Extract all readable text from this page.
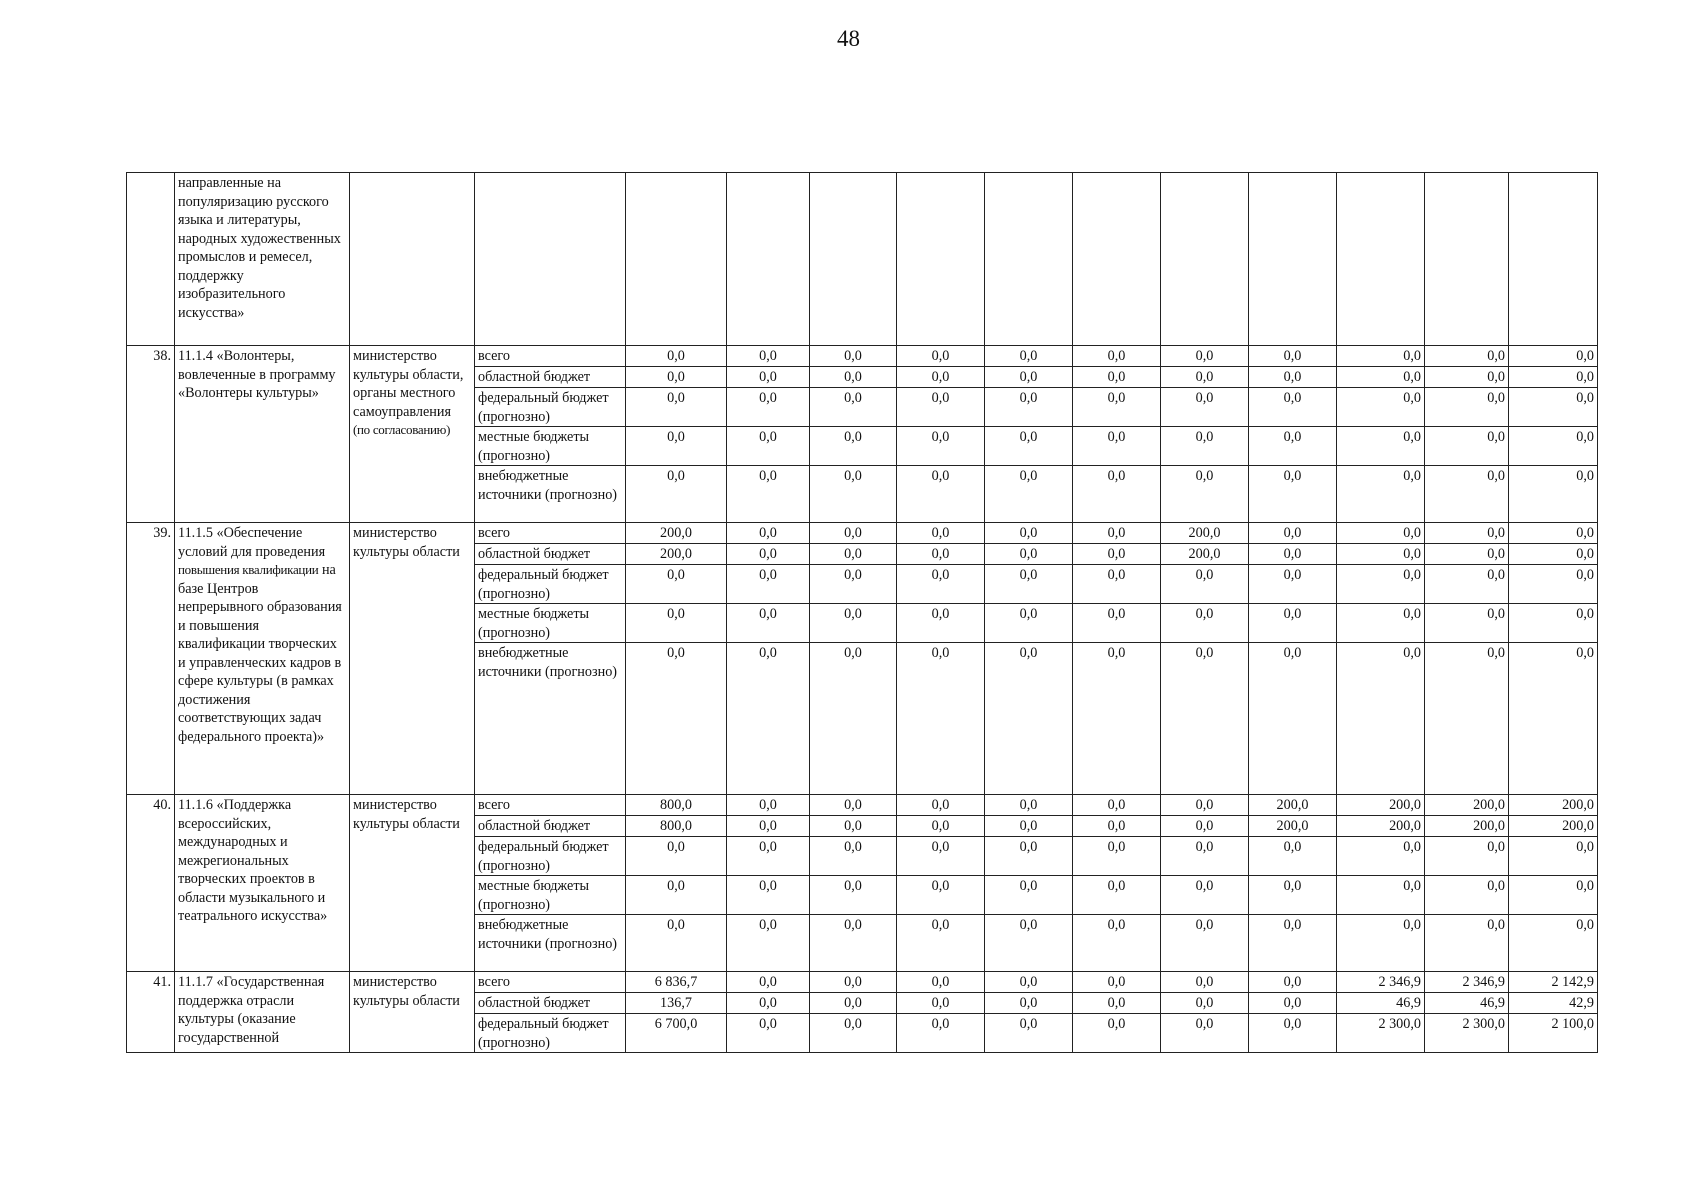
48
	направленные на популяризацию русского языка и литературы, народных художественных промыслов и ремесел, поддержку изобразительного искусства»													
38.	11.1.4 «Волонтеры, вовлеченные в программу «Волонтеры культуры»	министерство культуры области, органы местного самоуправления (по согласованию)	всего	0,0	0,0	0,0	0,0	0,0	0,0	0,0	0,0	0,0	0,0	0,0
			областной бюджет	0,0	0,0	0,0	0,0	0,0	0,0	0,0	0,0	0,0	0,0	0,0
			федеральный бюджет (прогнозно)	0,0	0,0	0,0	0,0	0,0	0,0	0,0	0,0	0,0	0,0	0,0
			местные бюджеты (прогнозно)	0,0	0,0	0,0	0,0	0,0	0,0	0,0	0,0	0,0	0,0	0,0
			внебюджетные источники (прогнозно)	0,0	0,0	0,0	0,0	0,0	0,0	0,0	0,0	0,0	0,0	0,0
39.	11.1.5 «Обеспечение условий для проведения повышения квалификации на базе Центров непрерывного образования и повышения квалификации творческих и управленческих кадров в сфере культуры (в рамках достижения соответствующих задач федерального проекта)»	министерство культуры области	всего	200,0	0,0	0,0	0,0	0,0	0,0	200,0	0,0	0,0	0,0	0,0
			областной бюджет	200,0	0,0	0,0	0,0	0,0	0,0	200,0	0,0	0,0	0,0	0,0
			федеральный бюджет (прогнозно)	0,0	0,0	0,0	0,0	0,0	0,0	0,0	0,0	0,0	0,0	0,0
			местные бюджеты (прогнозно)	0,0	0,0	0,0	0,0	0,0	0,0	0,0	0,0	0,0	0,0	0,0
			внебюджетные источники (прогнозно)	0,0	0,0	0,0	0,0	0,0	0,0	0,0	0,0	0,0	0,0	0,0
40.	11.1.6 «Поддержка всероссийских, международных и межрегиональных творческих проектов в области музыкального и театрального искусства»	министерство культуры области	всего	800,0	0,0	0,0	0,0	0,0	0,0	0,0	200,0	200,0	200,0	200,0
			областной бюджет	800,0	0,0	0,0	0,0	0,0	0,0	0,0	200,0	200,0	200,0	200,0
			федеральный бюджет (прогнозно)	0,0	0,0	0,0	0,0	0,0	0,0	0,0	0,0	0,0	0,0	0,0
			местные бюджеты (прогнозно)	0,0	0,0	0,0	0,0	0,0	0,0	0,0	0,0	0,0	0,0	0,0
			внебюджетные источники (прогнозно)	0,0	0,0	0,0	0,0	0,0	0,0	0,0	0,0	0,0	0,0	0,0
41.	11.1.7 «Государственная поддержка отрасли культуры (оказание государственной	министерство культуры области	всего	6 836,7	0,0	0,0	0,0	0,0	0,0	0,0	0,0	2 346,9	2 346,9	2 142,9
			областной бюджет	136,7	0,0	0,0	0,0	0,0	0,0	0,0	0,0	46,9	46,9	42,9
			федеральный бюджет (прогнозно)	6 700,0	0,0	0,0	0,0	0,0	0,0	0,0	0,0	2 300,0	2 300,0	2 100,0
